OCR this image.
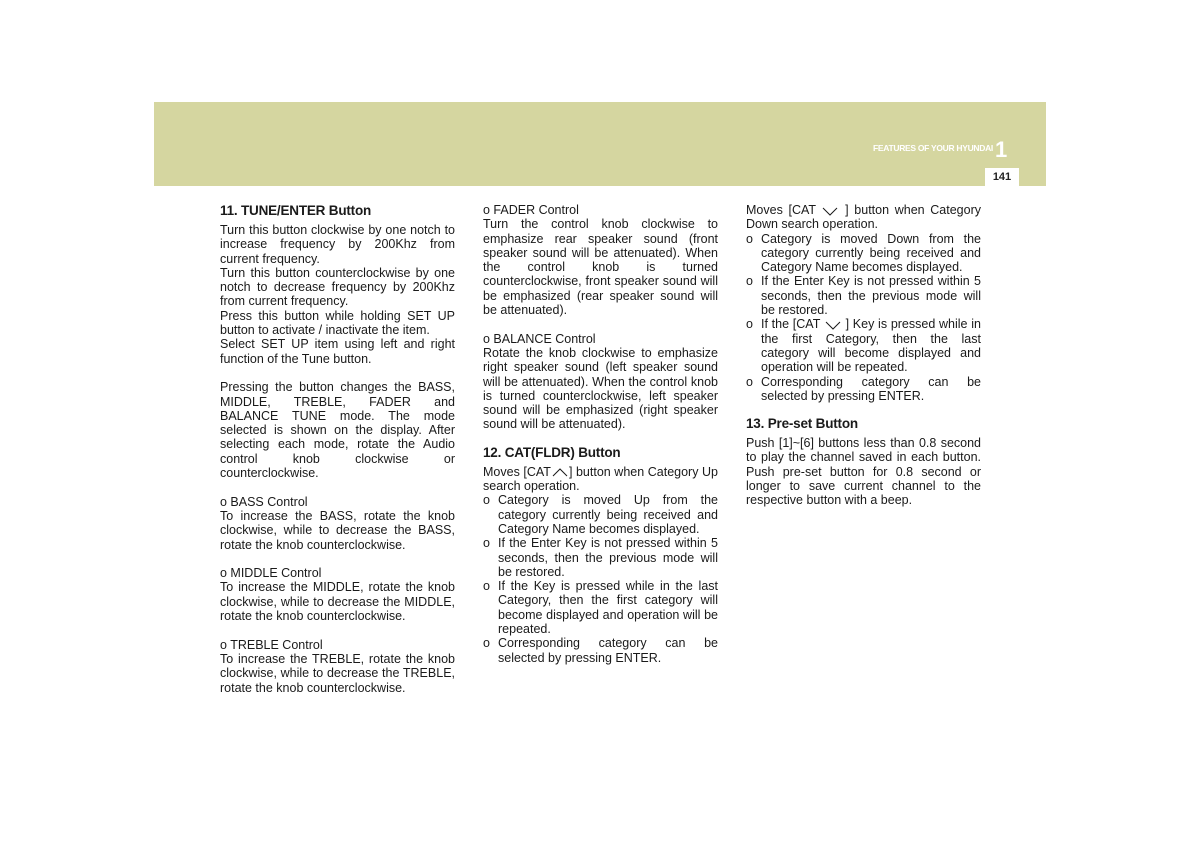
FEATURES OF YOUR HYUNDAI 1
141
11. TUNE/ENTER Button

Turn this button clockwise by one notch to increase frequency by 200Khz from current frequency.

Turn this button counterclockwise by one notch to decrease frequency by 200Khz from current frequency.

Press this button while holding SET UP button to activate / inactivate the item.

Select SET UP item using left and right function of the Tune button.

Pressing the button changes the BASS, MIDDLE, TREBLE, FADER and BALANCE TUNE mode. The mode selected is shown on the display. After selecting each mode, rotate the Audio control knob clockwise or counterclockwise.

o BASS Control

To increase the BASS, rotate the knob clockwise, while to decrease the BASS, rotate the knob counterclockwise.

o MIDDLE Control

To increase the MIDDLE, rotate the knob clockwise, while to decrease the MIDDLE, rotate the knob counterclockwise.

o TREBLE Control

To increase the TREBLE, rotate the knob clockwise, while to decrease the TREBLE, rotate the knob counterclockwise.

o FADER Control

Turn the control knob clockwise to emphasize rear speaker sound (front speaker sound will be attenuated). When the control knob is turned counterclockwise, front speaker sound will be emphasized (rear speaker sound will be attenuated).

o BALANCE Control

Rotate the knob clockwise to emphasize right speaker sound (left speaker sound will be attenuated). When the control knob is turned counterclockwise, left speaker sound will be emphasized (right speaker sound will be attenuated).

12. CAT(FLDR) Button

Moves [CAT ] button when Category Up search operation.

o Category is moved Up from the category currently being received and Category Name becomes displayed.

o If the Enter Key is not pressed within 5 seconds, then the previous mode will be restored.

o If the Key is pressed while in the last Category, then the first category will become displayed and operation will be repeated.

o Corresponding category can be selected by pressing ENTER.

Moves [CAT ] button when Category Down search operation.

o Category is moved Down from the category currently being received and Category Name becomes displayed.

o If the Enter Key is not pressed within 5 seconds, then the previous mode will be restored.

o If the [CAT ] Key is pressed while in the first Category, then the last category will become displayed and operation will be repeated.

o Corresponding category can be selected by pressing ENTER.

13. Pre-set Button

Push [1]~[6] buttons less than 0.8 second to play the channel saved in each button. Push pre-set button for 0.8 second or longer to save current channel to the respective button with a beep.
